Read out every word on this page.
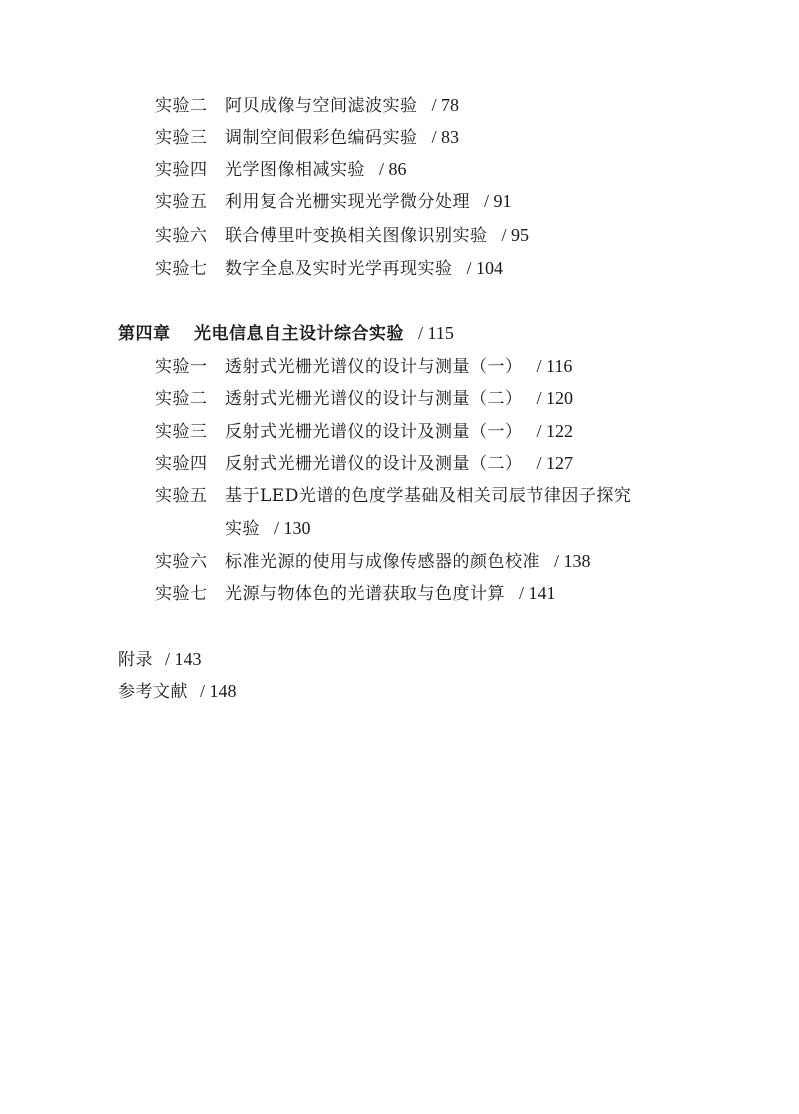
实验二 阿贝成像与空间滤波实验 / 78
实验三 调制空间假彩色编码实验 / 83
实验四 光学图像相减实验 / 86
实验五 利用复合光栅实现光学微分处理 / 91
实验六 联合傅里叶变换相关图像识别实验 / 95
实验七 数字全息及实时光学再现实验 / 104
第四章 光电信息自主设计综合实验 / 115
实验一 透射式光栅光谱仪的设计与测量（一） / 116
实验二 透射式光栅光谱仪的设计与测量（二） / 120
实验三 反射式光栅光谱仪的设计及测量（一） / 122
实验四 反射式光栅光谱仪的设计及测量（二） / 127
实验五 基于LED光谱的色度学基础及相关司辰节律因子探究
实验 / 130
实验六 标准光源的使用与成像传感器的颜色校准 / 138
实验七 光源与物体色的光谱获取与色度计算 / 141
附录 / 143
参考文献 / 148
